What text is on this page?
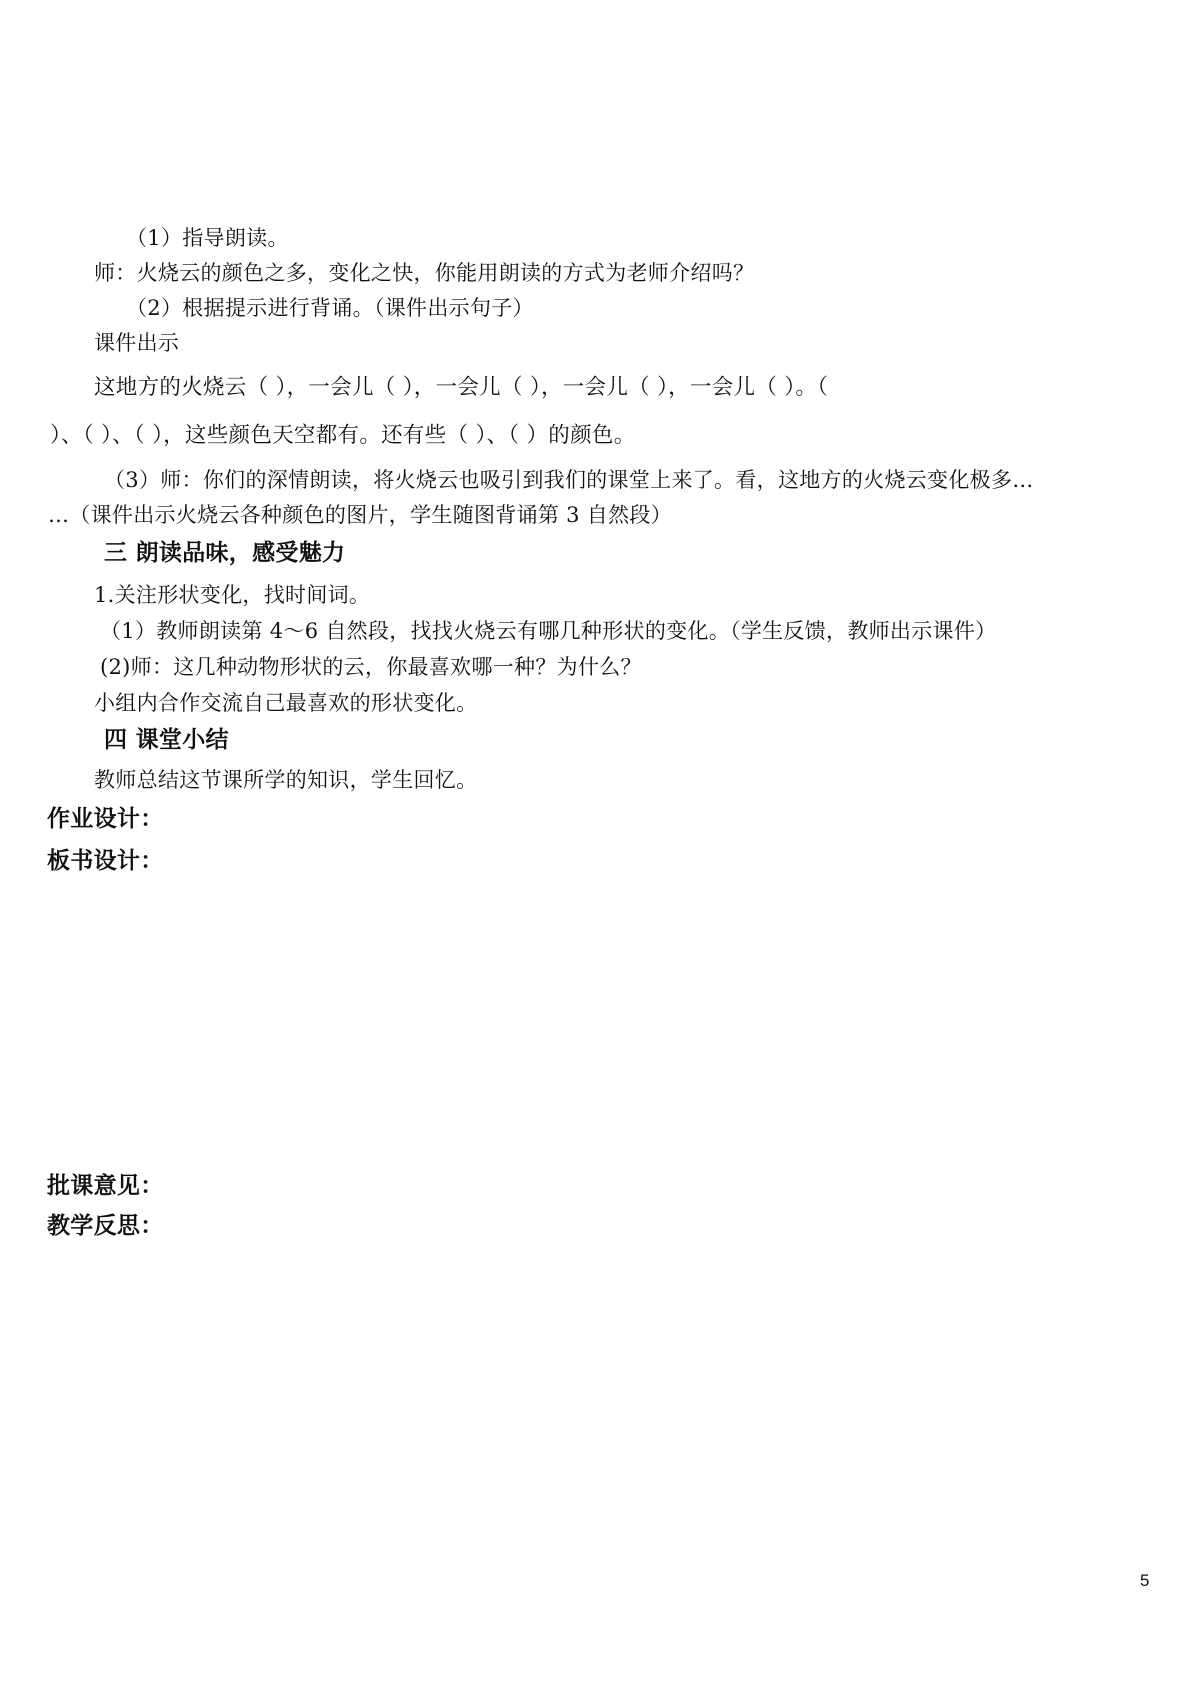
（1）指导朗读。
师：火烧云的颜色之多，变化之快，你能用朗读的方式为老师介绍吗？
（2）根据提示进行背诵。（课件出示句子）
课件出示
这地方的火烧云（ ），一会儿（ ），一会儿（ ），一会儿（ ），一会儿（ ）。（
）、（ ）、（ ），这些颜色天空都有。还有些（ ）、（ ）的颜色。
（3）师：你们的深情朗读，将火烧云也吸引到我们的课堂上来了。看，这地方的火烧云变化极多…
…（课件出示火烧云各种颜色的图片，学生随图背诵第 3 自然段）
三 朗读品味，感受魅力
1.关注形状变化，找时间词。
（1）教师朗读第 4～6 自然段，找找火烧云有哪几种形状的变化。（学生反馈，教师出示课件）
(2)师：这几种动物形状的云，你最喜欢哪一种？为什么？
小组内合作交流自己最喜欢的形状变化。
四 课堂小结
教师总结这节课所学的知识，学生回忆。
作业设计：
板书设计：
批课意见：
教学反思：
5
